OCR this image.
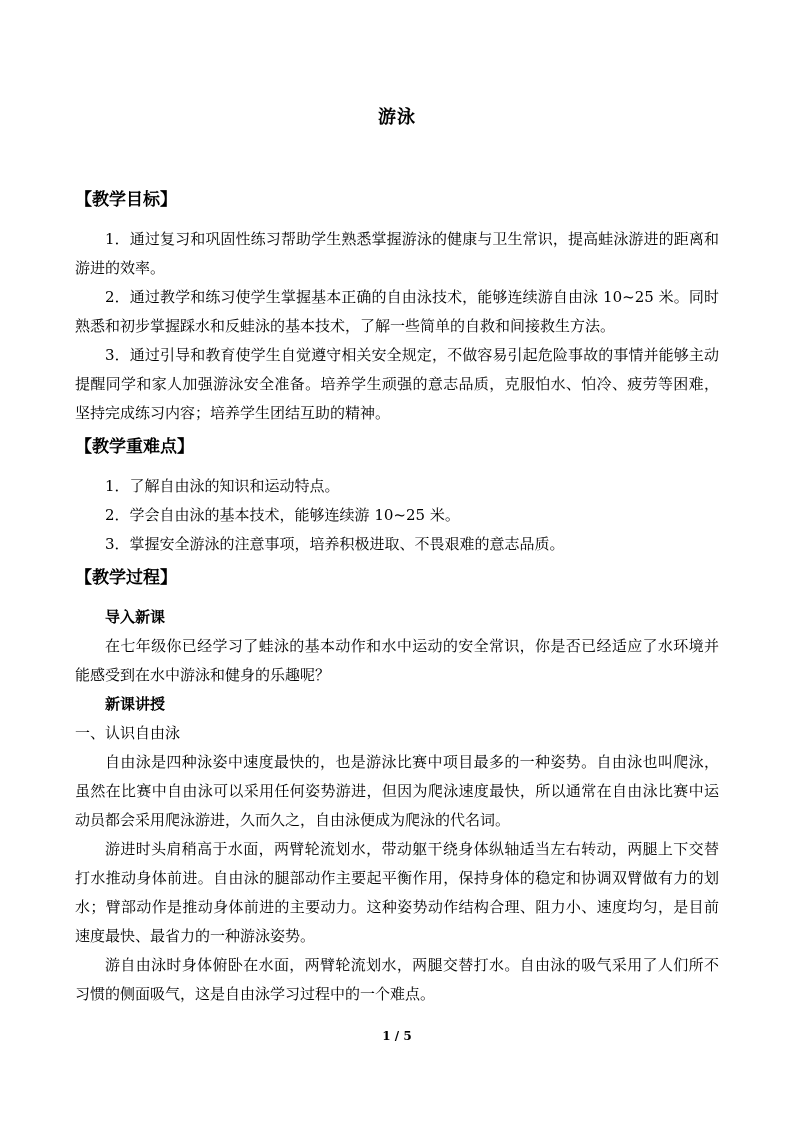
游泳
【教学目标】

1．通过复习和巩固性练习帮助学生熟悉掌握游泳的健康与卫生常识，提高蛙泳游进的距离和游进的效率。

2．通过教学和练习使学生掌握基本正确的自由泳技术，能够连续游自由泳 10~25 米。同时熟悉和初步掌握踩水和反蛙泳的基本技术，了解一些简单的自救和间接救生方法。

3．通过引导和教育使学生自觉遵守相关安全规定，不做容易引起危险事故的事情并能够主动提醒同学和家人加强游泳安全准备。培养学生顽强的意志品质，克服怕水、怕冷、疲劳等困难，坚持完成练习内容；培养学生团结互助的精神。

【教学重难点】

1．了解自由泳的知识和运动特点。

2．学会自由泳的基本技术，能够连续游 10~25 米。

3．掌握安全游泳的注意事项，培养积极进取、不畏艰难的意志品质。

【教学过程】

导入新课

在七年级你已经学习了蛙泳的基本动作和水中运动的安全常识，你是否已经适应了水环境并能感受到在水中游泳和健身的乐趣呢？

新课讲授

一、认识自由泳

自由泳是四种泳姿中速度最快的，也是游泳比赛中项目最多的一种姿势。自由泳也叫爬泳，虽然在比赛中自由泳可以采用任何姿势游进，但因为爬泳速度最快，所以通常在自由泳比赛中运动员都会采用爬泳游进，久而久之，自由泳便成为爬泳的代名词。

游进时头肩稍高于水面，两臂轮流划水，带动躯干绕身体纵轴适当左右转动，两腿上下交替打水推动身体前进。自由泳的腿部动作主要起平衡作用，保持身体的稳定和协调双臂做有力的划水；臂部动作是推动身体前进的主要动力。这种姿势动作结构合理、阻力小、速度均匀，是目前速度最快、最省力的一种游泳姿势。

游自由泳时身体俯卧在水面，两臂轮流划水，两腿交替打水。自由泳的吸气采用了人们所不习惯的侧面吸气，这是自由泳学习过程中的一个难点。

1 / 5
